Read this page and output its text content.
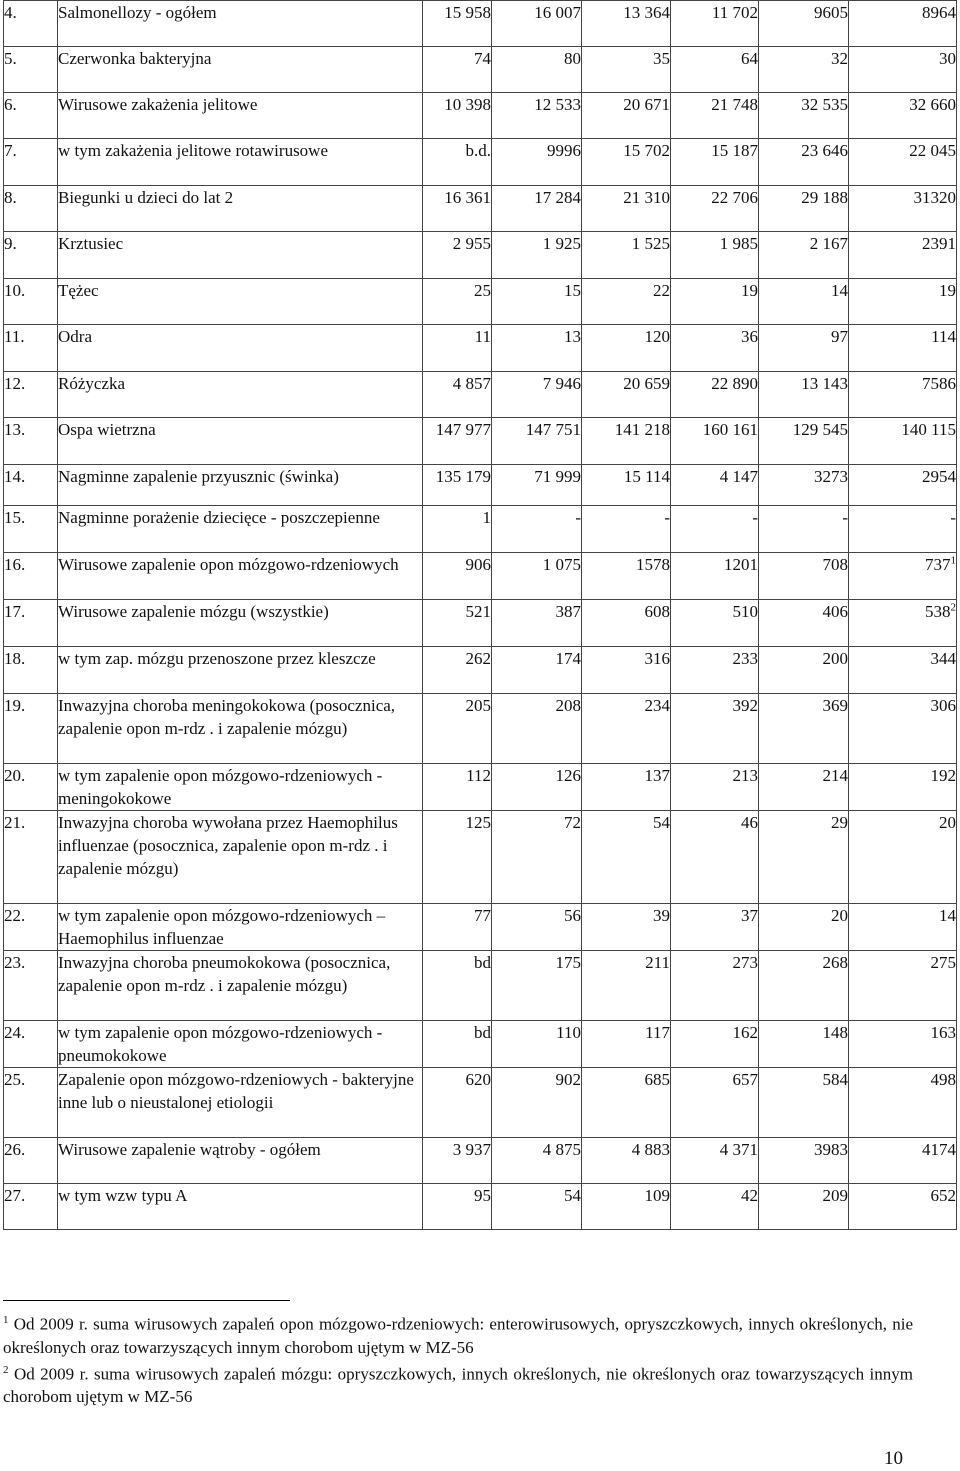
4.	Salmonellozy - ogółem	15 958	16 007	13 364	11 702	9605	8964
5.	Czerwonka bakteryjna	74	80	35	64	32	30
6.	Wirusowe zakażenia jelitowe	10 398	12 533	20 671	21 748	32 535	32 660
7.	w tym zakażenia jelitowe rotawirusowe	b.d.	9996	15 702	15 187	23 646	22 045
8.	Biegunki u dzieci do lat 2	16 361	17 284	21 310	22 706	29 188	31320
9.	Krztusiec	2 955	1 925	1 525	1 985	2 167	2391
10.	Tężec	25	15	22	19	14	19
11.	Odra	11	13	120	36	97	114
12.	Różyczka	4 857	7 946	20 659	22 890	13 143	7586
13.	Ospa wietrzna	147 977	147 751	141 218	160 161	129 545	140 115
14.	Nagminne zapalenie przyusznic (świnka)	135 179	71 999	15 114	4 147	3273	2954
15.	Nagminne porażenie dziecięce - poszczepienne	1	-	-	-	-	-
16.	Wirusowe zapalenie opon mózgowo-rdzeniowych	906	1 075	1578	1201	708	$737^1$
17.	Wirusowe zapalenie mózgu (wszystkie)	521	387	608	510	406	$538^2$
18.	w tym zap. mózgu przenoszone przez kleszcze	262	174	316	233	200	344
19.	Inwazyjna choroba meningokokowa (posocznica, zapalenie opon m-rdz . i zapalenie mózgu)	205	208	234	392	369	306
20.	w tym zapalenie opon mózgowo-rdzeniowych - meningokokowe	112	126	137	213	214	192
21.	Inwazyjna choroba wywołana przez Haemophilus influenzae (posocznica, zapalenie opon m-rdz . i zapalenie mózgu)	125	72	54	46	29	20
22.	w tym zapalenie opon mózgowo-rdzeniowych – Haemophilus influenzae	77	56	39	37	20	14
23.	Inwazyjna choroba pneumokokowa (posocznica, zapalenie opon m-rdz . i zapalenie mózgu)	bd	175	211	273	268	275
24.	w tym zapalenie opon mózgowo-rdzeniowych - pneumokokowe	bd	110	117	162	148	163
25.	Zapalenie opon mózgowo-rdzeniowych - bakteryjne inne lub o nieustalonej etiologii	620	902	685	657	584	498
26.	Wirusowe zapalenie wątroby - ogółem	3 937	4 875	4 883	4 371	3983	4174
27.	w tym wzw typu A	95	54	109	42	209	652

$^1$ Od 2009 r. suma wirusowych zapaleń opon mózgowo-rdzeniowych: enterowirusowych, opryszczkowych, innych określonych, nie określonych oraz towarzyszących innym chorobom ujętym w MZ-56

$^2$ Od 2009 r. suma wirusowych zapaleń mózgu: opryszczkowych, innych określonych, nie określonych oraz towarzyszących innym chorobom ujętym w MZ-56

10
